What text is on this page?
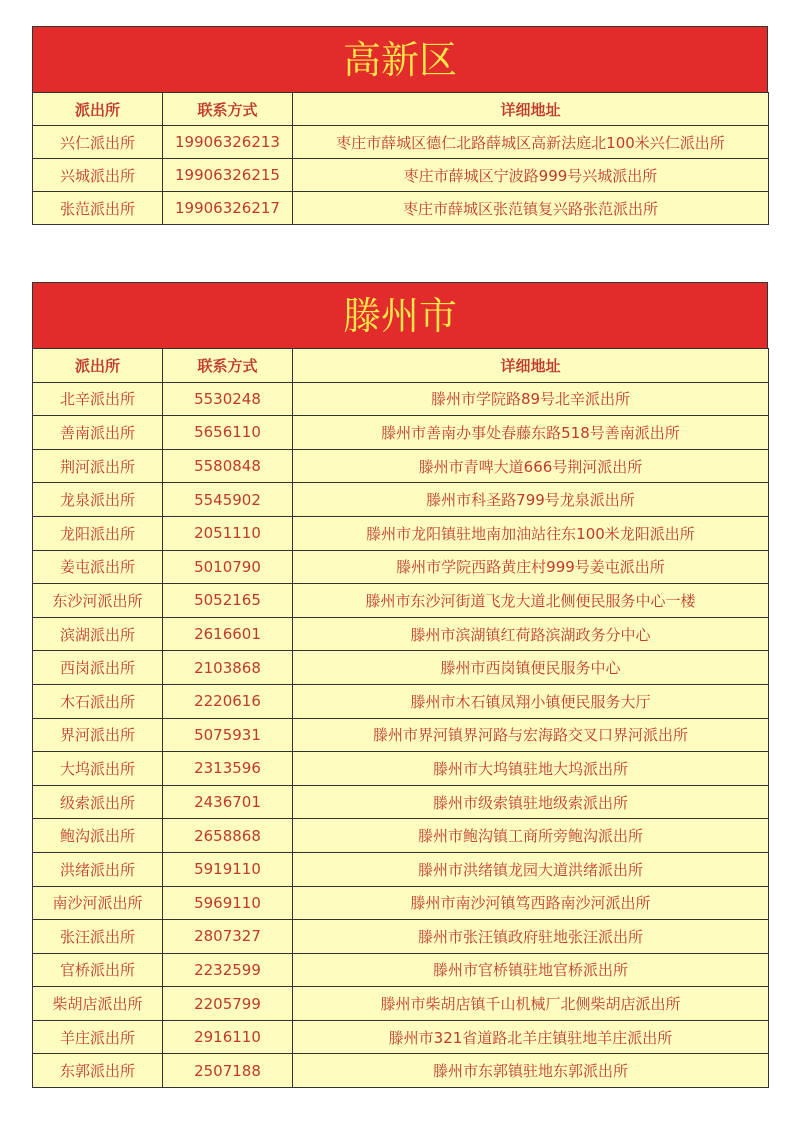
高新区
派出所	联系方式	详细地址
兴仁派出所	19906326213	枣庄市薛城区德仁北路薛城区高新法庭北100米兴仁派出所
兴城派出所	19906326215	枣庄市薛城区宁波路999号兴城派出所
张范派出所	19906326217	枣庄市薛城区张范镇复兴路张范派出所
滕州市
派出所	联系方式	详细地址
北辛派出所	5530248	滕州市学院路89号北辛派出所
善南派出所	5656110	滕州市善南办事处春藤东路518号善南派出所
荆河派出所	5580848	滕州市青啤大道666号荆河派出所
龙泉派出所	5545902	滕州市科圣路799号龙泉派出所
龙阳派出所	2051110	滕州市龙阳镇驻地南加油站往东100米龙阳派出所
姜屯派出所	5010790	滕州市学院西路黄庄村999号姜屯派出所
东沙河派出所	5052165	滕州市东沙河街道飞龙大道北侧便民服务中心一楼
滨湖派出所	2616601	滕州市滨湖镇红荷路滨湖政务分中心
西岗派出所	2103868	滕州市西岗镇便民服务中心
木石派出所	2220616	滕州市木石镇凤翔小镇便民服务大厅
界河派出所	5075931	滕州市界河镇界河路与宏海路交叉口界河派出所
大坞派出所	2313596	滕州市大坞镇驻地大坞派出所
级索派出所	2436701	滕州市级索镇驻地级索派出所
鲍沟派出所	2658868	滕州市鲍沟镇工商所旁鲍沟派出所
洪绪派出所	5919110	滕州市洪绪镇龙园大道洪绪派出所
南沙河派出所	5969110	滕州市南沙河镇笃西路南沙河派出所
张汪派出所	2807327	滕州市张汪镇政府驻地张汪派出所
官桥派出所	2232599	滕州市官桥镇驻地官桥派出所
柴胡店派出所	2205799	滕州市柴胡店镇千山机械厂北侧柴胡店派出所
羊庄派出所	2916110	滕州市321省道路北羊庄镇驻地羊庄派出所
东郭派出所	2507188	滕州市东郭镇驻地东郭派出所
